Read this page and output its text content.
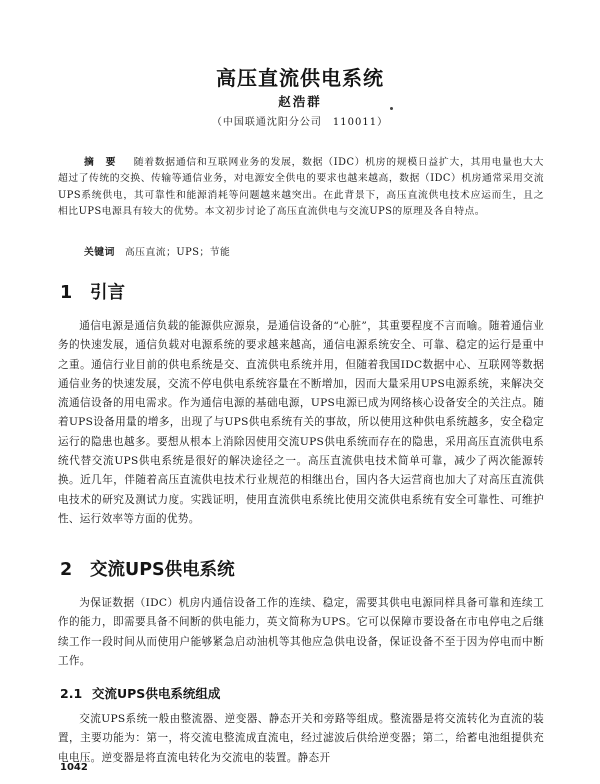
高压直流供电系统
赵浩群
（中国联通沈阳分公司　110011）
摘 要 随着数据通信和互联网业务的发展，数据（IDC）机房的规模日益扩大，其用电量也大大超过了传统的交换、传输等通信业务，对电源安全供电的要求也越来越高，数据（IDC）机房通常采用交流UPS系统供电，其可靠性和能源消耗等问题越来越突出。在此背景下，高压直流供电技术应运而生，且之相比UPS电源具有较大的优势。本文初步讨论了高压直流供电与交流UPS的原理及各自特点。
关键词 高压直流；UPS；节能
1 引言
通信电源是通信负载的能源供应源泉，是通信设备的“心脏”，其重要程度不言而喻。随着通信业务的快速发展，通信负载对电源系统的要求越来越高，通信电源系统安全、可靠、稳定的运行是重中之重。通信行业目前的供电系统是交、直流供电系统并用，但随着我国IDC数据中心、互联网等数据通信业务的快速发展，交流不停电供电系统容量在不断增加，因而大量采用UPS电源系统，来解决交流通信设备的用电需求。作为通信电源的基础电源，UPS电源已成为网络核心设备安全的关注点。随着UPS设备用量的增多，出现了与UPS供电系统有关的事故，所以使用这种供电系统越多，安全稳定运行的隐患也越多。要想从根本上消除因使用交流UPS供电系统而存在的隐患，采用高压直流供电系统代替交流UPS供电系统是很好的解决途径之一。高压直流供电技术简单可靠，减少了两次能源转换。近几年，伴随着高压直流供电技术行业规范的相继出台，国内各大运营商也加大了对高压直流供电技术的研究及测试力度。实践证明，使用直流供电系统比使用交流供电系统有安全可靠性、可维护性、运行效率等方面的优势。
2 交流UPS供电系统
为保证数据（IDC）机房内通信设备工作的连续、稳定，需要其供电电源同样具备可靠和连续工作的能力，即需要具备不间断的供电能力，英文简称为UPS。它可以保障市要设备在市电停电之后继续工作一段时间从而使用户能够紧急启动油机等其他应急供电设备，保证设备不至于因为停电而中断工作。
2.1 交流UPS供电系统组成
交流UPS系统一般由整流器、逆变器、静态开关和旁路等组成。整流器是将交流转化为直流的装置，主要功能为：第一，将交流电整流成直流电，经过滤波后供给逆变器；第二，给蓄电池组提供充电电压。逆变器是将直流电转化为交流电的装置。静态开
1042
